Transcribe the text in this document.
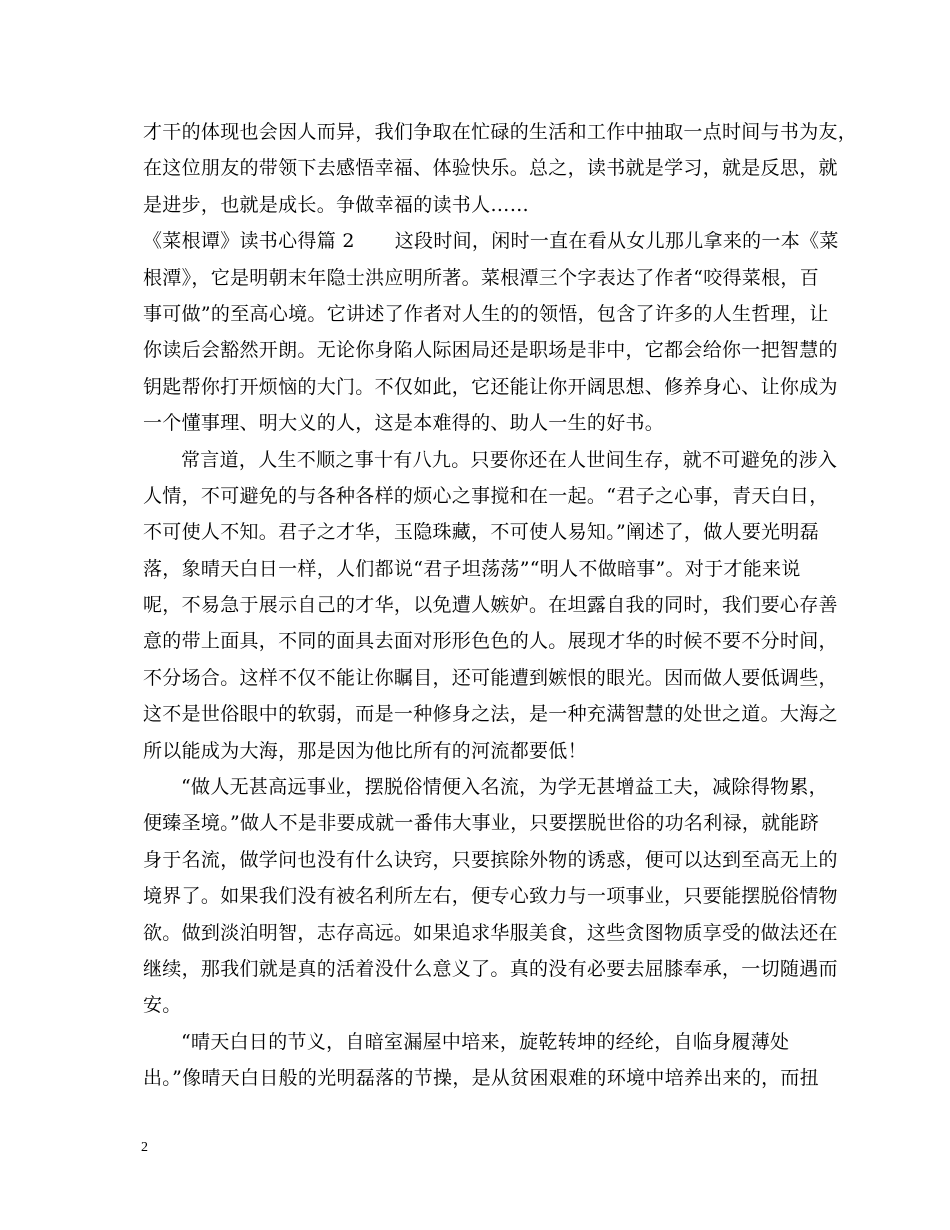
才干的体现也会因人而异，我们争取在忙碌的生活和工作中抽取一点时间与书为友，
在这位朋友的带领下去感悟幸福、体验快乐。总之，读书就是学习，就是反思，就
是进步，也就是成长。争做幸福的读书人……
《菜根谭》读书心得篇 2 这段时间，闲时一直在看从女儿那儿拿来的一本《菜
根潭》，它是明朝末年隐士洪应明所著。菜根潭三个字表达了作者“咬得菜根，百
事可做”的至高心境。它讲述了作者对人生的的领悟，包含了许多的人生哲理，让
你读后会豁然开朗。无论你身陷人际困局还是职场是非中，它都会给你一把智慧的
钥匙帮你打开烦恼的大门。不仅如此，它还能让你开阔思想、修养身心、让你成为
一个懂事理、明大义的人，这是本难得的、助人一生的好书。
常言道，人生不顺之事十有八九。只要你还在人世间生存，就不可避免的涉入
人情，不可避免的与各种各样的烦心之事搅和在一起。“君子之心事，青天白日，
不可使人不知。君子之才华，玉隐珠藏，不可使人易知。”阐述了，做人要光明磊
落，象晴天白日一样，人们都说“君子坦荡荡”“明人不做暗事”。对于才能来说
呢，不易急于展示自己的才华，以免遭人嫉妒。在坦露自我的同时，我们要心存善
意的带上面具，不同的面具去面对形形色色的人。展现才华的时候不要不分时间，
不分场合。这样不仅不能让你瞩目，还可能遭到嫉恨的眼光。因而做人要低调些，
这不是世俗眼中的软弱，而是一种修身之法，是一种充满智慧的处世之道。大海之
所以能成为大海，那是因为他比所有的河流都要低！
“做人无甚高远事业，摆脱俗情便入名流，为学无甚增益工夫，减除得物累，
便臻圣境。”做人不是非要成就一番伟大事业，只要摆脱世俗的功名利禄，就能跻
身于名流，做学问也没有什么诀窍，只要摈除外物的诱惑，便可以达到至高无上的
境界了。如果我们没有被名利所左右，便专心致力与一项事业，只要能摆脱俗情物
欲。做到淡泊明智，志存高远。如果追求华服美食，这些贪图物质享受的做法还在
继续，那我们就是真的活着没什么意义了。真的没有必要去屈膝奉承，一切随遇而
安。
“晴天白日的节义，自暗室漏屋中培来，旋乾转坤的经纶，自临身履薄处
出。”像晴天白日般的光明磊落的节操，是从贫困艰难的环境中培养出来的，而扭
2
